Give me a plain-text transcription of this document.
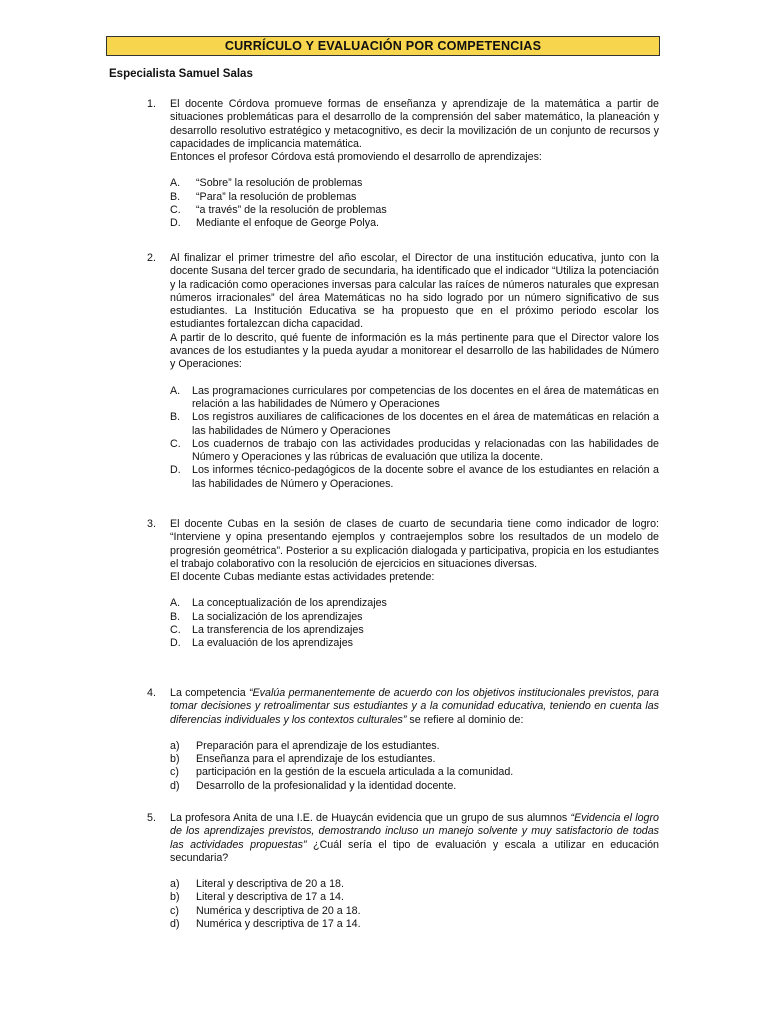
CURRÍCULO Y EVALUACIÓN POR COMPETENCIAS
Especialista Samuel Salas
1. El docente Córdova promueve formas de enseñanza y aprendizaje de la matemática a partir de situaciones problemáticas para el desarrollo de la comprensión del saber matemático, la planeación y desarrollo resolutivo estratégico y metacognitivo, es decir la movilización de un conjunto de recursos y capacidades de implicancia matemática.
Entonces el profesor Córdova está promoviendo el desarrollo de aprendizajes:
A.	“Sobre” la resolución de problemas
B.	“Para” la resolución de problemas
C.	“a través” de la resolución de problemas
D.	Mediante el enfoque de George Polya.
2. Al finalizar el primer trimestre del año escolar, el Director de una institución educativa, junto con la docente Susana del tercer grado de secundaria, ha identificado que el indicador “Utiliza la potenciación y la radicación como operaciones inversas para calcular las raíces de números naturales que expresan números irracionales” del área Matemáticas no ha sido logrado por un número significativo de sus estudiantes. La Institución Educativa se ha propuesto que en el próximo periodo escolar los estudiantes fortalezcan dicha capacidad.
A partir de lo descrito, qué fuente de información es la más pertinente para que el Director valore los avances de los estudiantes y la pueda ayudar a monitorear el desarrollo de las habilidades de Número y Operaciones:
A.	Las programaciones curriculares por competencias de los docentes en el área de matemáticas en relación a las habilidades de Número y Operaciones
B.	Los registros auxiliares de calificaciones de los docentes en el área de matemáticas en relación a las habilidades de Número y Operaciones
C.	Los cuadernos de trabajo con las actividades producidas y relacionadas con las habilidades de Número y Operaciones y las rúbricas de evaluación que utiliza la docente.
D.	Los informes técnico-pedagógicos de la docente sobre el avance de los estudiantes en relación a las habilidades de Número y Operaciones.
3. El docente Cubas en la sesión de clases de cuarto de secundaria tiene como indicador de logro: “Interviene y opina presentando ejemplos y contraejemplos sobre los resultados de un modelo de progresión geométrica”. Posterior a su explicación dialogada y participativa, propicia en los estudiantes el trabajo colaborativo con la resolución de ejercicios en situaciones diversas.
El docente Cubas mediante estas actividades pretende:
A.	La conceptualización de los aprendizajes
B.	La socialización de los aprendizajes
C.	La transferencia de los aprendizajes
D.	La evaluación de los aprendizajes
4. La competencia “Evalúa permanentemente de acuerdo con los objetivos institucionales previstos, para tomar decisiones y retroalimentar sus estudiantes y a la comunidad educativa, teniendo en cuenta las diferencias individuales y los contextos culturales” se refiere al dominio de:
a)	Preparación para el aprendizaje de los estudiantes.
b)	Enseñanza para el aprendizaje de los estudiantes.
c)	participación en la gestión de la escuela articulada a la comunidad.
d)	Desarrollo de la profesionalidad y la identidad docente.
5. La profesora Anita de una I.E. de Huaycán evidencia que un grupo de sus alumnos “Evidencia el logro de los aprendizajes previstos, demostrando incluso un manejo solvente y muy satisfactorio de todas las actividades propuestas” ¿Cuál sería el tipo de evaluación y escala a utilizar en educación secundaria?
a)	Literal y descriptiva de 20 a 18.
b)	Literal y descriptiva de 17 a 14.
c)	Numérica y descriptiva de 20 a 18.
d)	Numérica y descriptiva de 17 a 14.
